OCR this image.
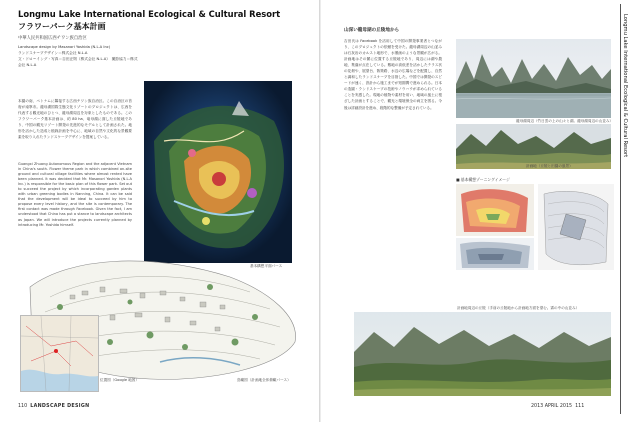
Longmu Lake International Ecological & Cultural Resort
フラワーパーク基本計画
中華人民共和国広西チワン族自治区
Landscape design by Masanori Yoshida (N.L.A Inc)
ランドスケープデザイン＝株式会社 N.L.A
文・ドローイング・写真＝吉田正則（株式会社 N.L.A）　撮影協力＝株式会社 N.L.A
本園の南、ベトナムに隣接する広西チワン族自治区。この自治区の首府が南寧市。龍母湖国際生態文化リゾートのプロジェクトは、広西を代表する観光地のひとつ、龍母湖周辺を対象としたものである。このフラワーパーク基本計画は、約 80 ha、竜母湖に面した丘陵地であり、中国の観光リゾート開発の先進的なモデルとして計画された。地形を活かした造成と植栽計画を中心に、地域の自然や文化的な景観要素を取り入れたランドスケープデザインを提案している。
Guangxi Zhuang Autonomous Region and the adjacent Vietnam in China's south. Flower theme park in which combined on-site ground and cultural village facilities where almost rented have been planned. It was decided that Mr. Masanori Yoshida (N.L.A Inc.) is responsible for the basic plan of this flower park. Set out to succeed the project by which incorporating garden plants with urban greening bodies in Nanning, China. It can be said that the development will be ideal to succeed by him to propose every level history, and the site is contemporary. The first contact was made through Facebook. Given the fact, I am understood that China has put a stance to landscape architects as Japan. We will introduce the projects currently planned by introducing Mr. Yoshida himself.
基本構想平面パース
位置図（Google 地図）	鳥瞰図（計画地全体俯瞰パース）
110 LANDSCAPE DESIGN
山深い龍母湖の丘陵地から
吉田氏は Facebook を活用して中国の開発事業者とつながり、このプロジェクトの依頼を受けた。龍母湖周辺の山並みは石灰岩のカルスト地形で、水墨画のような景観が広がる。計画地はその麓に位置する丘陵地であり、周辺には湖や農地、集落が点在している。敷地の高低差を活かしたテラス状の花畑や、展望台、散策路、水辺の広場などを配置し、自然と調和したランドスケープを目指した。中国では開発のスピードが速く、設計から施工までが短期間で進められる。日本の造園・ランドスケープの技術やノウハウが求められていることを実感した。現地の植物や素材を用い、地域の風土に根ざした計画とすることで、観光と環境保全の両立を図る。今後は詳細設計を進め、段階的な整備が予定されている。
龍母湖周辺（竹日雲の上の山々と湖。龍母湖周辺の山並み）
計画地（丘陵と田園の風景）
■ 基本構想ゾーニングイメージ
計画地周辺の丘陵（手前の丘陵地から計画地方面を望む。霧の中の山並み）
2013 APRIL 2015 111
Longmu Lake International Ecological & Cultural Resort
